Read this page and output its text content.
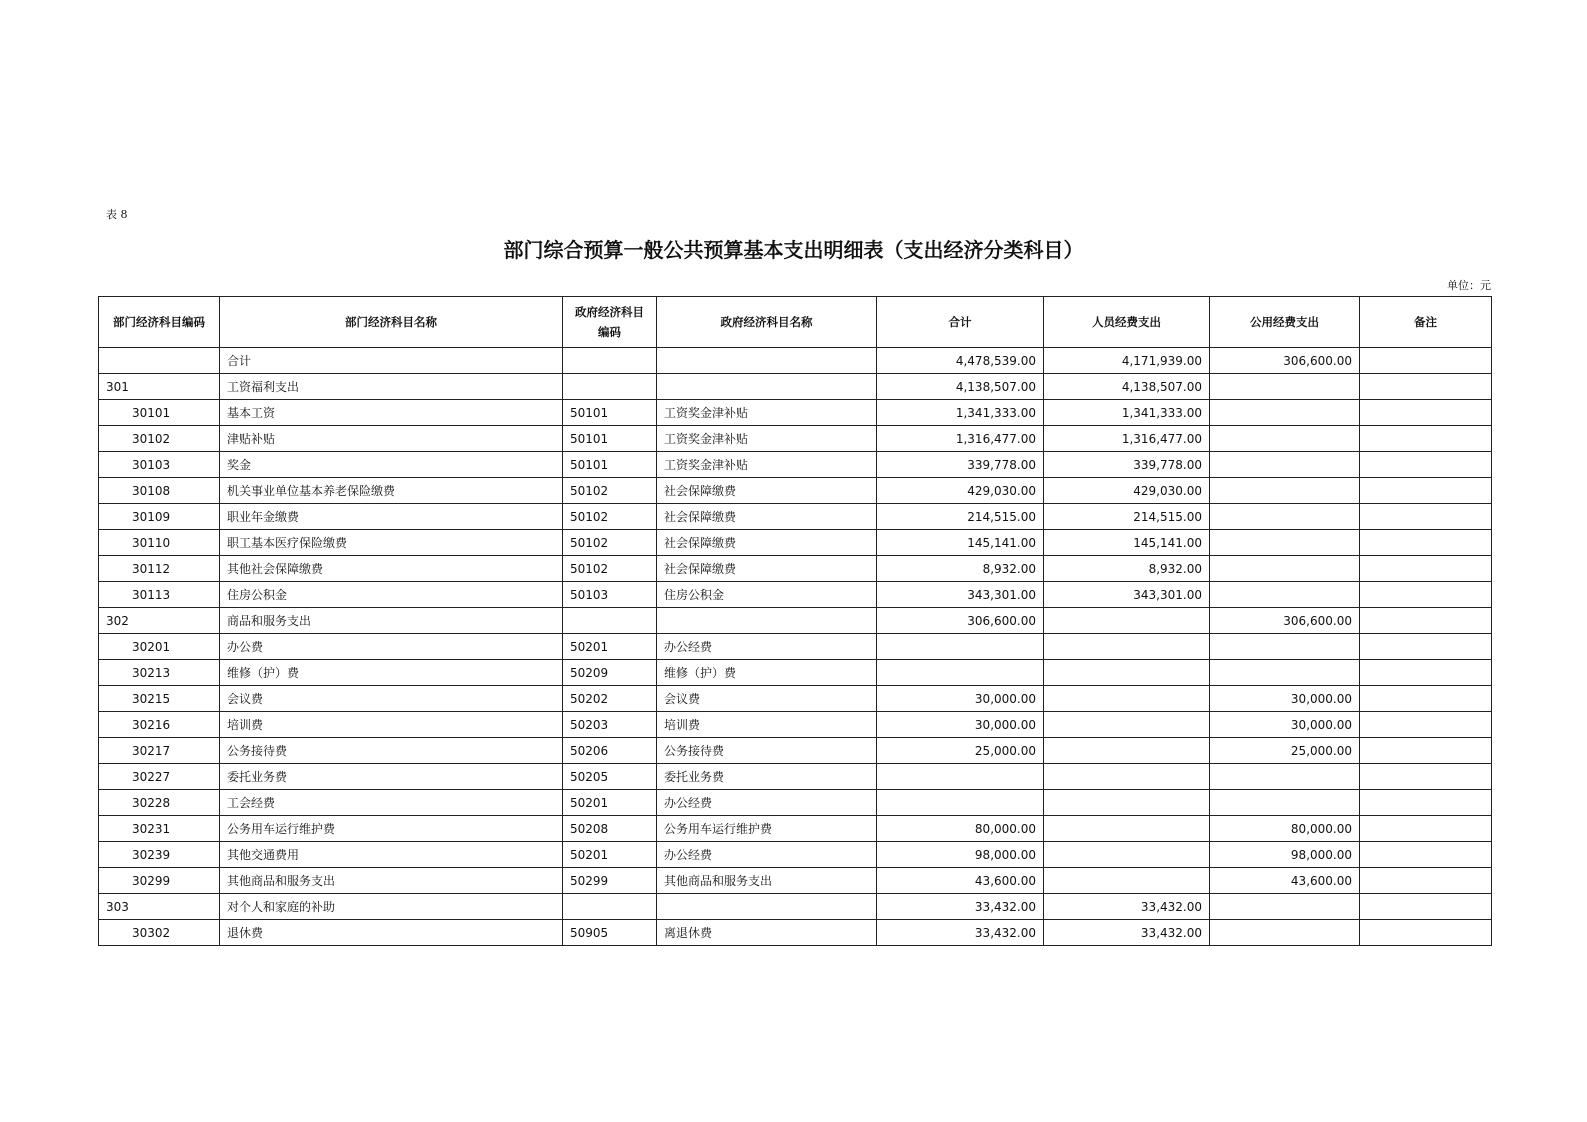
表 8
部门综合预算一般公共预算基本支出明细表（支出经济分类科目）
单位：元
部门经济科目编码	部门经济科目名称	政府经济科目
编码	政府经济科目名称	合计	人员经费支出	公用经费支出	备注
	合计			4,478,539.00	4,171,939.00	306,600.00	
301	工资福利支出			4,138,507.00	4,138,507.00		
30101	基本工资	50101	工资奖金津补贴	1,341,333.00	1,341,333.00		
30102	津贴补贴	50101	工资奖金津补贴	1,316,477.00	1,316,477.00		
30103	奖金	50101	工资奖金津补贴	339,778.00	339,778.00		
30108	机关事业单位基本养老保险缴费	50102	社会保障缴费	429,030.00	429,030.00		
30109	职业年金缴费	50102	社会保障缴费	214,515.00	214,515.00		
30110	职工基本医疗保险缴费	50102	社会保障缴费	145,141.00	145,141.00		
30112	其他社会保障缴费	50102	社会保障缴费	8,932.00	8,932.00		
30113	住房公积金	50103	住房公积金	343,301.00	343,301.00		
302	商品和服务支出			306,600.00		306,600.00	
30201	办公费	50201	办公经费				
30213	维修（护）费	50209	维修（护）费				
30215	会议费	50202	会议费	30,000.00		30,000.00	
30216	培训费	50203	培训费	30,000.00		30,000.00	
30217	公务接待费	50206	公务接待费	25,000.00		25,000.00	
30227	委托业务费	50205	委托业务费				
30228	工会经费	50201	办公经费				
30231	公务用车运行维护费	50208	公务用车运行维护费	80,000.00		80,000.00	
30239	其他交通费用	50201	办公经费	98,000.00		98,000.00	
30299	其他商品和服务支出	50299	其他商品和服务支出	43,600.00		43,600.00	
303	对个人和家庭的补助			33,432.00	33,432.00		
30302	退休费	50905	离退休费	33,432.00	33,432.00		
